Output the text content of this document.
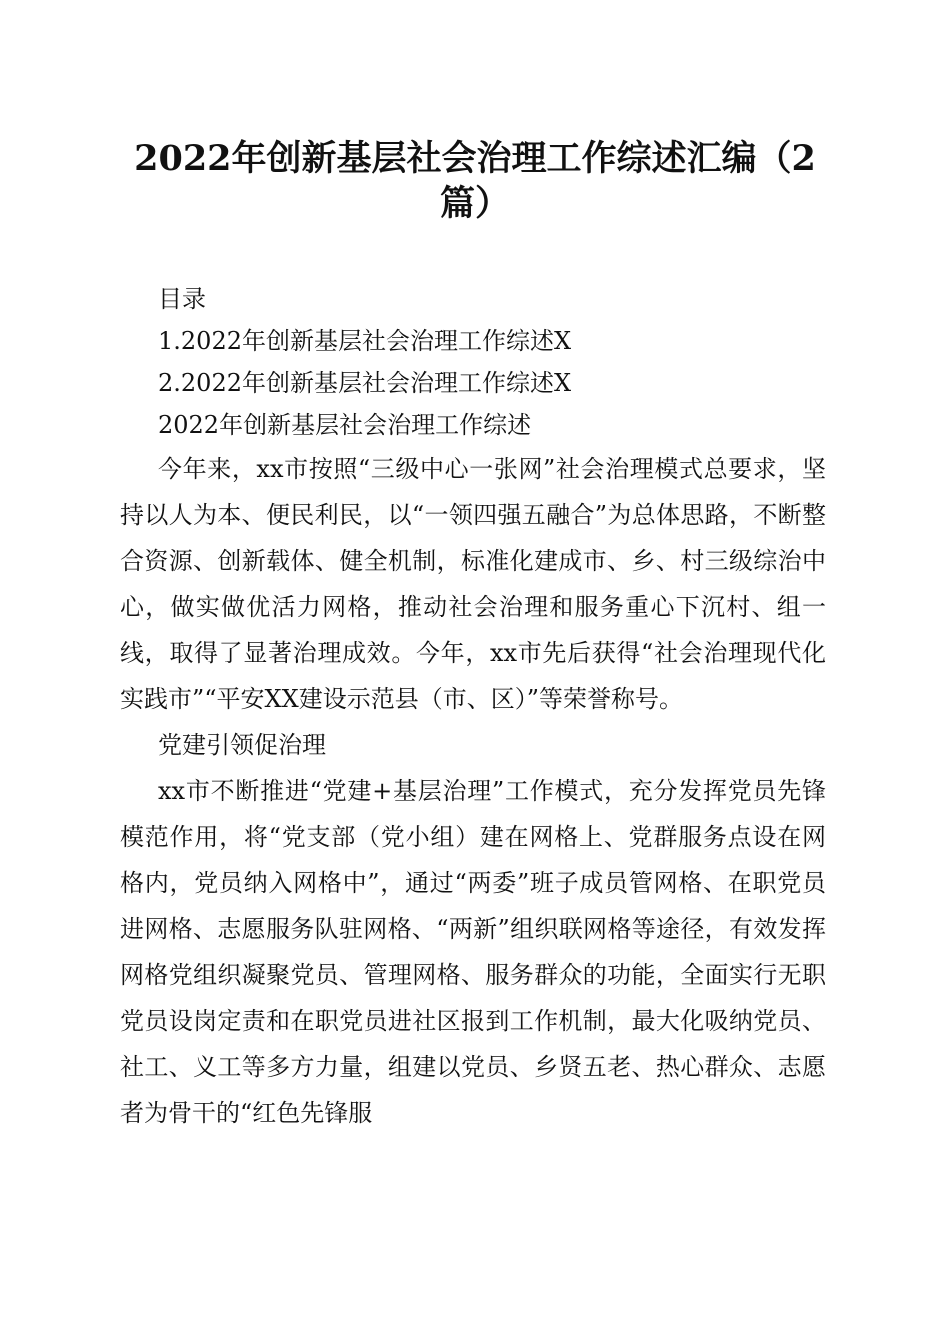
2022年创新基层社会治理工作综述汇编（2篇）
目录
1.2022年创新基层社会治理工作综述X
2.2022年创新基层社会治理工作综述X
2022年创新基层社会治理工作综述

今年来，xx市按照“三级中心一张网”社会治理模式总要求，坚持以人为本、便民利民，以“一领四强五融合”为总体思路，不断整合资源、创新载体、健全机制，标准化建成市、乡、村三级综治中心，做实做优活力网格，推动社会治理和服务重心下沉村、组一线，取得了显著治理成效。今年，xx市先后获得“社会治理现代化实践市”“平安XX建设示范县（市、区）”等荣誉称号。

党建引领促治理

xx市不断推进“党建+基层治理”工作模式，充分发挥党员先锋模范作用，将“党支部（党小组）建在网格上、党群服务点设在网格内，党员纳入网格中”，通过“两委”班子成员管网格、在职党员进网格、志愿服务队驻网格、“两新”组织联网格等途径，有效发挥网格党组织凝聚党员、管理网格、服务群众的功能，全面实行无职党员设岗定责和在职党员进社区报到工作机制，最大化吸纳党员、社工、义工等多方力量，组建以党员、乡贤五老、热心群众、志愿者为骨干的“红色先锋服
